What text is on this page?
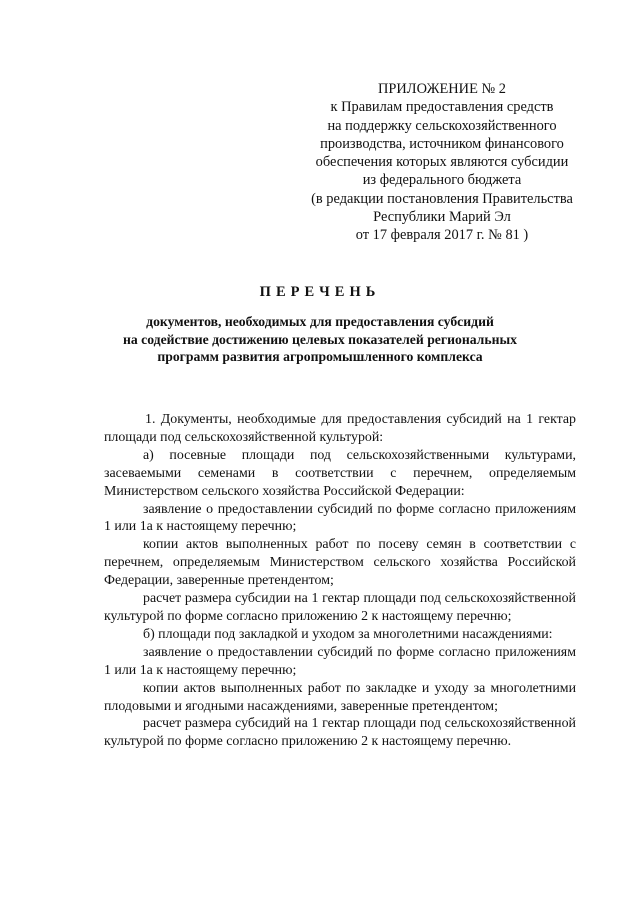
ПРИЛОЖЕНИЕ № 2
к Правилам предоставления средств
на поддержку сельскохозяйственного
производства, источником финансового
обеспечения которых являются субсидии
из федерального бюджета
(в редакции постановления Правительства
Республики Марий Эл
от 17 февраля 2017 г. № 81 )
ПЕРЕЧЕНЬ
документов, необходимых для предоставления субсидий
на содействие достижению целевых показателей региональных
программ развития агропромышленного комплекса
1. Документы, необходимые для предоставления субсидий на 1 гектар площади под сельскохозяйственной культурой:
а) посевные площади под сельскохозяйственными культурами, засеваемыми семенами в соответствии с перечнем, определяемым Министерством сельского хозяйства Российской Федерации:
заявление о предоставлении субсидий по форме согласно приложениям 1 или 1а к настоящему перечню;
копии актов выполненных работ по посеву семян в соответствии с перечнем, определяемым Министерством сельского хозяйства Российской Федерации, заверенные претендентом;
расчет размера субсидии на 1 гектар площади под сельскохозяйственной культурой по форме согласно приложению 2 к настоящему перечню;
б) площади под закладкой и уходом за многолетними насаждениями:
заявление о предоставлении субсидий по форме согласно приложениям 1 или 1а к настоящему перечню;
копии актов выполненных работ по закладке и уходу за многолетними плодовыми и ягодными насаждениями, заверенные претендентом;
расчет размера субсидий на 1 гектар площади под сельскохозяйственной культурой по форме согласно приложению 2 к настоящему перечню.
